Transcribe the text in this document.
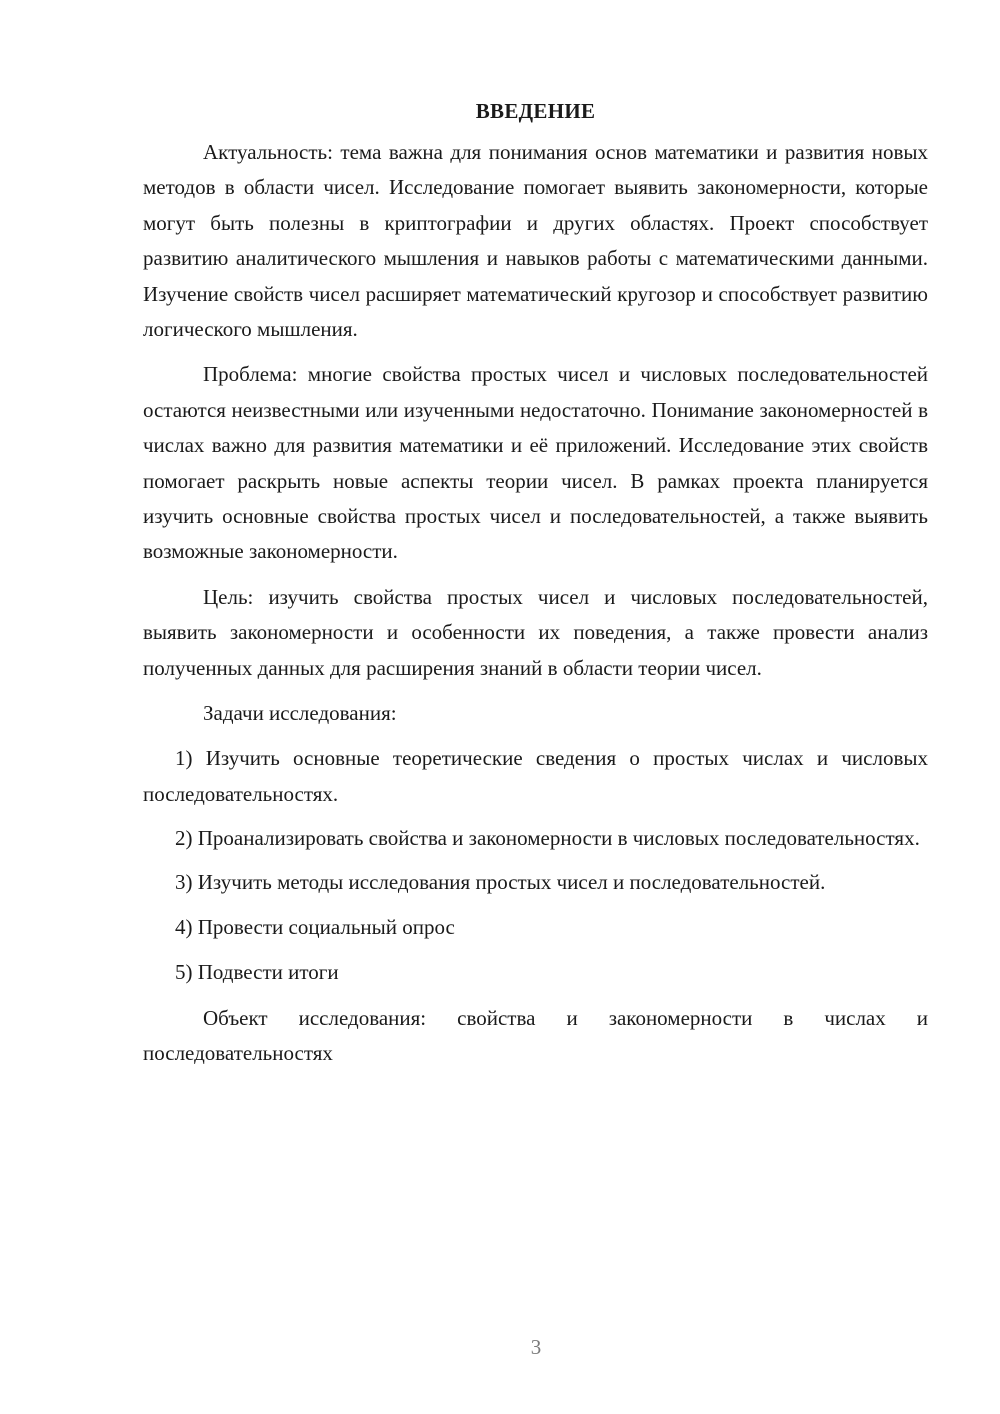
ВВЕДЕНИЕ

Актуальность: тема важна для понимания основ математики и развития новых методов в области чисел. Исследование помогает выявить закономерности, которые могут быть полезны в криптографии и других областях. Проект способствует развитию аналитического мышления и навыков работы с математическими данными. Изучение свойств чисел расширяет математический кругозор и способствует развитию логического мышления.

Проблема: многие свойства простых чисел и числовых последовательностей остаются неизвестными или изученными недостаточно. Понимание закономерностей в числах важно для развития математики и её приложений. Исследование этих свойств помогает раскрыть новые аспекты теории чисел. В рамках проекта планируется изучить основные свойства простых чисел и последовательностей, а также выявить возможные закономерности.

Цель: изучить свойства простых чисел и числовых последовательностей, выявить закономерности и особенности их поведения, а также провести анализ полученных данных для расширения знаний в области теории чисел.

Задачи исследования:

1) Изучить основные теоретические сведения о простых числах и числовых последовательностях.

2) Проанализировать свойства и закономерности в числовых последовательностях.

3) Изучить методы исследования простых чисел и последовательностей.

4) Провести социальный опрос

5) Подвести итоги

Объект исследования: свойства и закономерности в числах и последовательностях

3
